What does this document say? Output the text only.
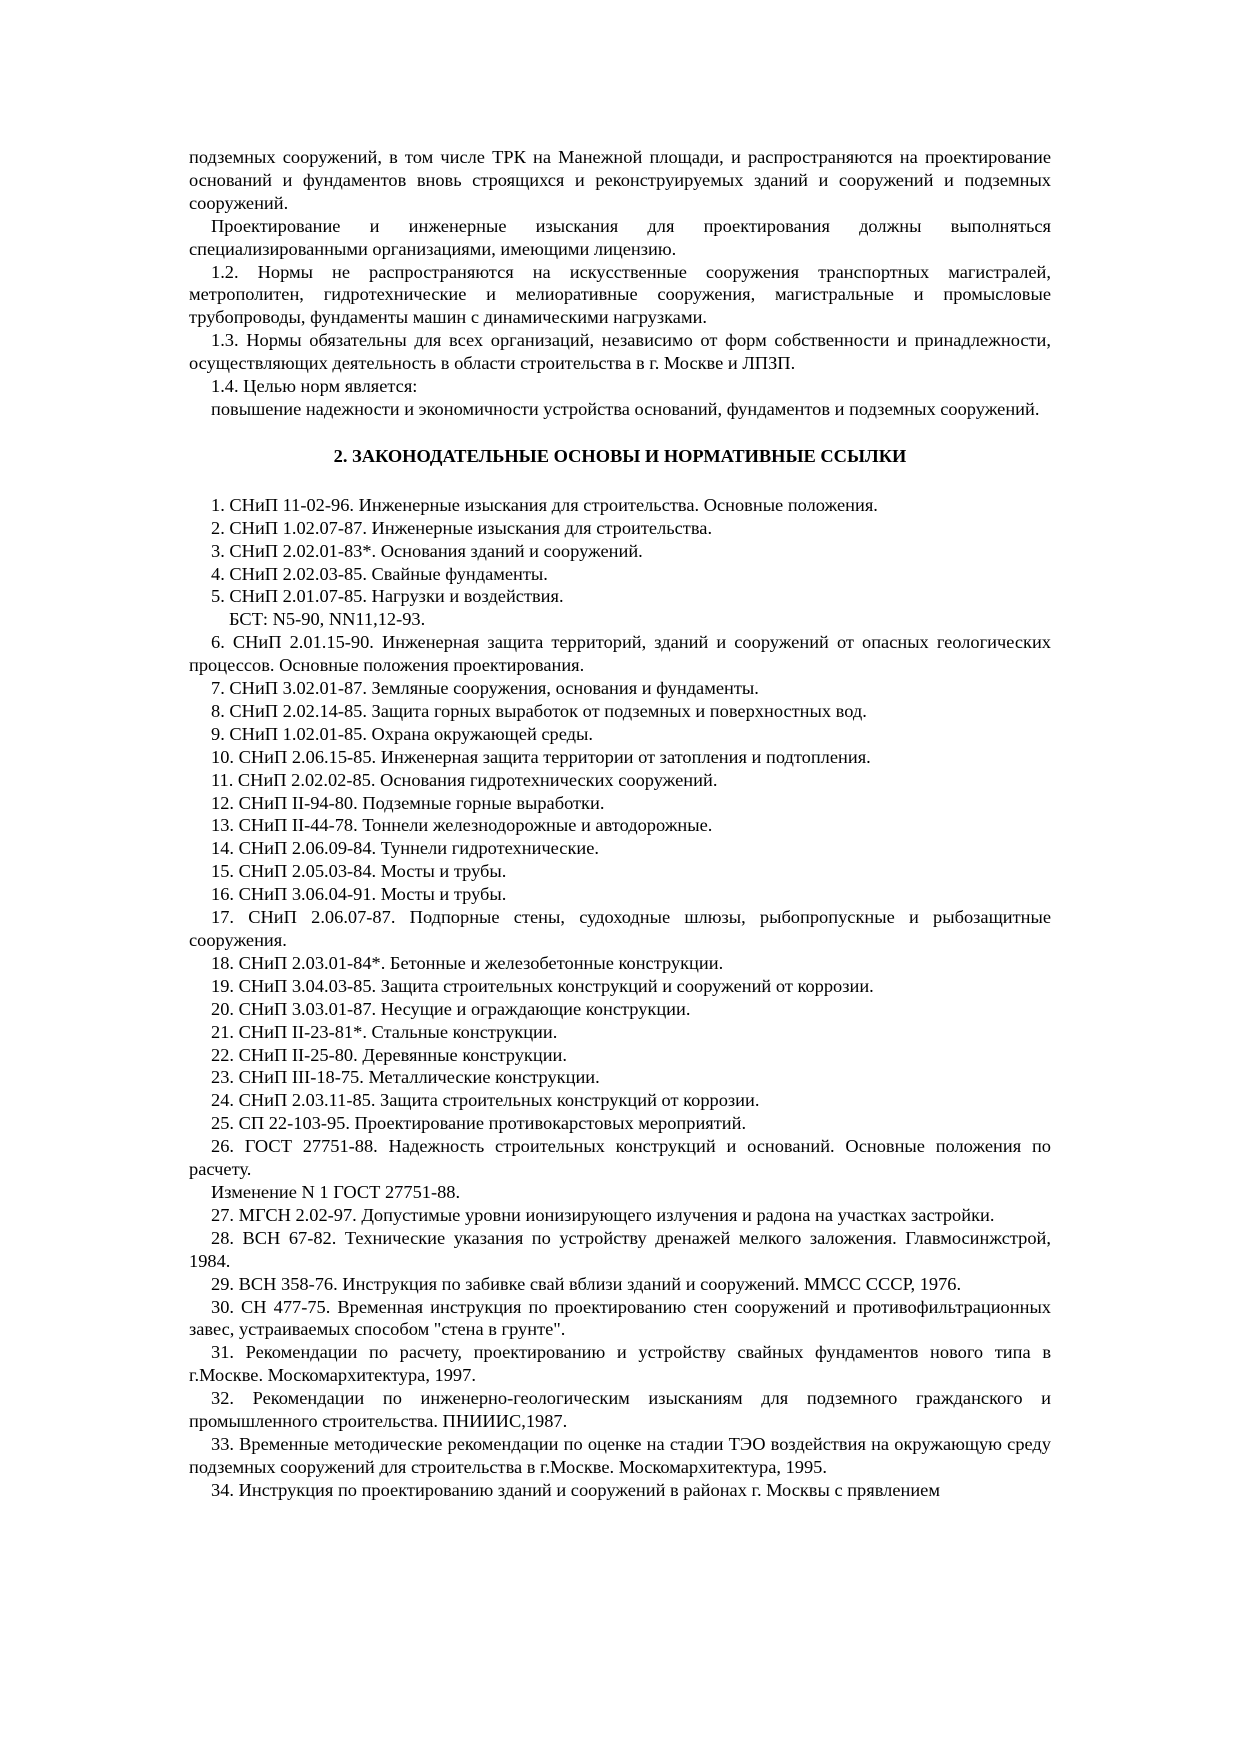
подземных сооружений, в том числе ТРК на Манежной площади, и распространяются на проектирование оснований и фундаментов вновь строящихся и реконструируемых зданий и сооружений и подземных сооружений.

Проектирование и инженерные изыскания для проектирования должны выполняться специализированными организациями, имеющими лицензию.

1.2. Нормы не распространяются на искусственные сооружения транспортных магистралей, метрополитен, гидротехнические и мелиоративные сооружения, магистральные и промысловые трубопроводы, фундаменты машин с динамическими нагрузками.

1.3. Нормы обязательны для всех организаций, независимо от форм собственности и принадлежности, осуществляющих деятельность в области строительства в г. Москве и ЛПЗП.

1.4. Целью норм является:

повышение надежности и экономичности устройства оснований, фундаментов и подземных сооружений.

2. ЗАКОНОДАТЕЛЬНЫЕ ОСНОВЫ И НОРМАТИВНЫЕ ССЫЛКИ

1. СНиП 11-02-96. Инженерные изыскания для строительства. Основные положения.

2. СНиП 1.02.07-87. Инженерные изыскания для строительства.

3. СНиП 2.02.01-83*. Основания зданий и сооружений.

4. СНиП 2.02.03-85. Свайные фундаменты.

5. СНиП 2.01.07-85. Нагрузки и воздействия.

БСТ: N5-90, NN11,12-93.

6. СНиП 2.01.15-90. Инженерная защита территорий, зданий и сооружений от опасных геологических процессов. Основные положения проектирования.

7. СНиП 3.02.01-87. Земляные сооружения, основания и фундаменты.

8. СНиП 2.02.14-85. Защита горных выработок от подземных и поверхностных вод.

9. СНиП 1.02.01-85. Охрана окружающей среды.

10. СНиП 2.06.15-85. Инженерная защита территории от затопления и подтопления.

11. СНиП 2.02.02-85. Основания гидротехнических сооружений.

12. СНиП II-94-80. Подземные горные выработки.

13. СНиП II-44-78. Тоннели железнодорожные и автодорожные.

14. СНиП 2.06.09-84. Туннели гидротехнические.

15. СНиП 2.05.03-84. Мосты и трубы.

16. СНиП 3.06.04-91. Мосты и трубы.

17. СНиП 2.06.07-87. Подпорные стены, судоходные шлюзы, рыбопропускные и рыбозащитные сооружения.

18. СНиП 2.03.01-84*. Бетонные и железобетонные конструкции.

19. СНиП 3.04.03-85. Защита строительных конструкций и сооружений от коррозии.

20. СНиП 3.03.01-87. Несущие и ограждающие конструкции.

21. СНиП II-23-81*. Стальные конструкции.

22. СНиП II-25-80. Деревянные конструкции.

23. СНиП III-18-75. Металлические конструкции.

24. СНиП 2.03.11-85. Защита строительных конструкций от коррозии.

25. СП 22-103-95. Проектирование противокарстовых мероприятий.

26. ГОСТ 27751-88. Надежность строительных конструкций и оснований. Основные положения по расчету.

Изменение N 1 ГОСТ 27751-88.

27. МГСН 2.02-97. Допустимые уровни ионизирующего излучения и радона на участках застройки.

28. ВСН 67-82. Технические указания по устройству дренажей мелкого заложения. Главмосинжстрой, 1984.

29. ВСН 358-76. Инструкция по забивке свай вблизи зданий и сооружений. ММСС СССР, 1976.

30. СН 477-75. Временная инструкция по проектированию стен сооружений и противофильтрационных завес, устраиваемых способом "стена в грунте".

31. Рекомендации по расчету, проектированию и устройству свайных фундаментов нового типа в г.Москве. Москомархитектура, 1997.

32. Рекомендации по инженерно-геологическим изысканиям для подземного гражданского и промышленного строительства. ПНИИИС,1987.

33. Временные методические рекомендации по оценке на стадии ТЭО воздействия на окружающую среду подземных сооружений для строительства в г.Москве. Москомархитектура, 1995.

34. Инструкция по проектированию зданий и сооружений в районах г. Москвы с прявлением
